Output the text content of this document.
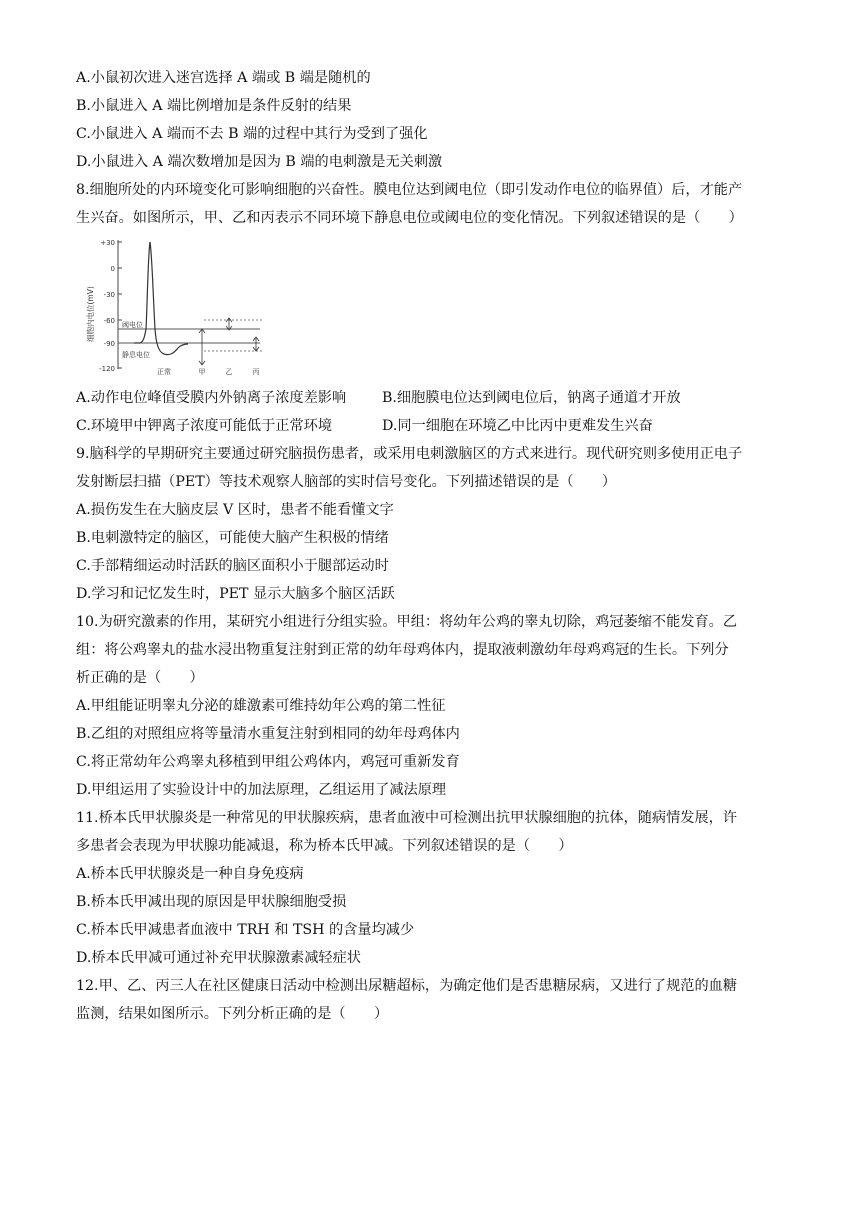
A.小鼠初次进入迷宫选择 A 端或 B 端是随机的
B.小鼠进入 A 端比例增加是条件反射的结果
C.小鼠进入 A 端而不去 B 端的过程中其行为受到了强化
D.小鼠进入 A 端次数增加是因为 B 端的电刺激是无关刺激
8.细胞所处的内环境变化可影响细胞的兴奋性。膜电位达到阈电位（即引发动作电位的临界值）后，才能产
生兴奋。如图所示，甲、乙和丙表示不同环境下静息电位或阈电位的变化情况。下列叙述错误的是（　　）
细胞内电位(mV)
+30
0
-30
-60
-90
-120
阈电位
静息电位
正常	甲	乙	丙
A.动作电位峰值受膜内外钠离子浓度差影响	B.细胞膜电位达到阈电位后，钠离子通道才开放
C.环境甲中钾离子浓度可能低于正常环境	D.同一细胞在环境乙中比丙中更难发生兴奋
9.脑科学的早期研究主要通过研究脑损伤患者，或采用电刺激脑区的方式来进行。现代研究则多使用正电子
发射断层扫描（PET）等技术观察人脑部的实时信号变化。下列描述错误的是（　　）
A.损伤发生在大脑皮层 V 区时，患者不能看懂文字
B.电刺激特定的脑区，可能使大脑产生积极的情绪
C.手部精细运动时活跃的脑区面积小于腿部运动时
D.学习和记忆发生时，PET 显示大脑多个脑区活跃
10.为研究激素的作用，某研究小组进行分组实验。甲组：将幼年公鸡的睾丸切除，鸡冠萎缩不能发育。乙
组：将公鸡睾丸的盐水浸出物重复注射到正常的幼年母鸡体内，提取液刺激幼年母鸡鸡冠的生长。下列分
析正确的是（　　）
A.甲组能证明睾丸分泌的雄激素可维持幼年公鸡的第二性征
B.乙组的对照组应将等量清水重复注射到相同的幼年母鸡体内
C.将正常幼年公鸡睾丸移植到甲组公鸡体内，鸡冠可重新发育
D.甲组运用了实验设计中的加法原理，乙组运用了减法原理
11.桥本氏甲状腺炎是一种常见的甲状腺疾病，患者血液中可检测出抗甲状腺细胞的抗体，随病情发展，许
多患者会表现为甲状腺功能减退，称为桥本氏甲减。下列叙述错误的是（　　）
A.桥本氏甲状腺炎是一种自身免疫病
B.桥本氏甲减出现的原因是甲状腺细胞受损
C.桥本氏甲减患者血液中 TRH 和 TSH 的含量均减少
D.桥本氏甲减可通过补充甲状腺激素减轻症状
12.甲、乙、丙三人在社区健康日活动中检测出尿糖超标，为确定他们是否患糖尿病，又进行了规范的血糖
监测，结果如图所示。下列分析正确的是（　　）
